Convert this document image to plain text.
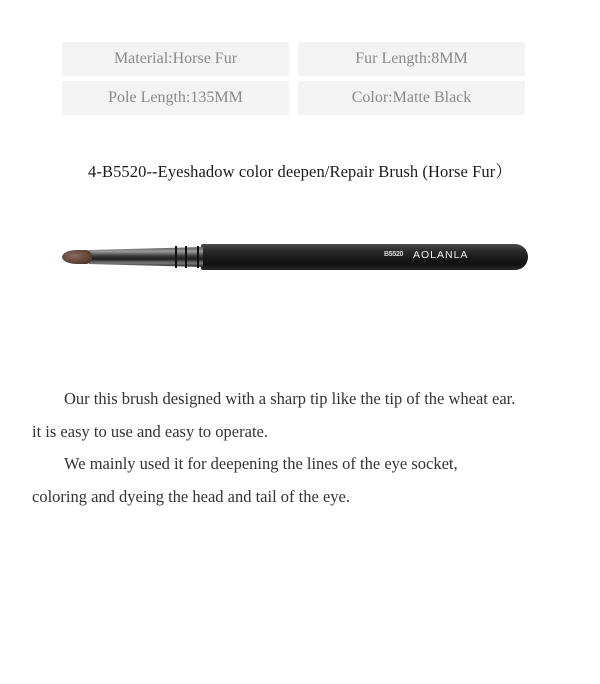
Material:Horse Fur	Fur Length:8MM
Pole Length:135MM	Color:Matte Black
4-B5520--Eyeshadow color deepen/Repair Brush (Horse Fur）
B5520 AOLANLA

Our this brush designed with a sharp tip like the tip of the wheat ear.

it is easy to use and easy to operate.

We mainly used it for deepening the lines of the eye socket,

coloring and dyeing the head and tail of the eye.
